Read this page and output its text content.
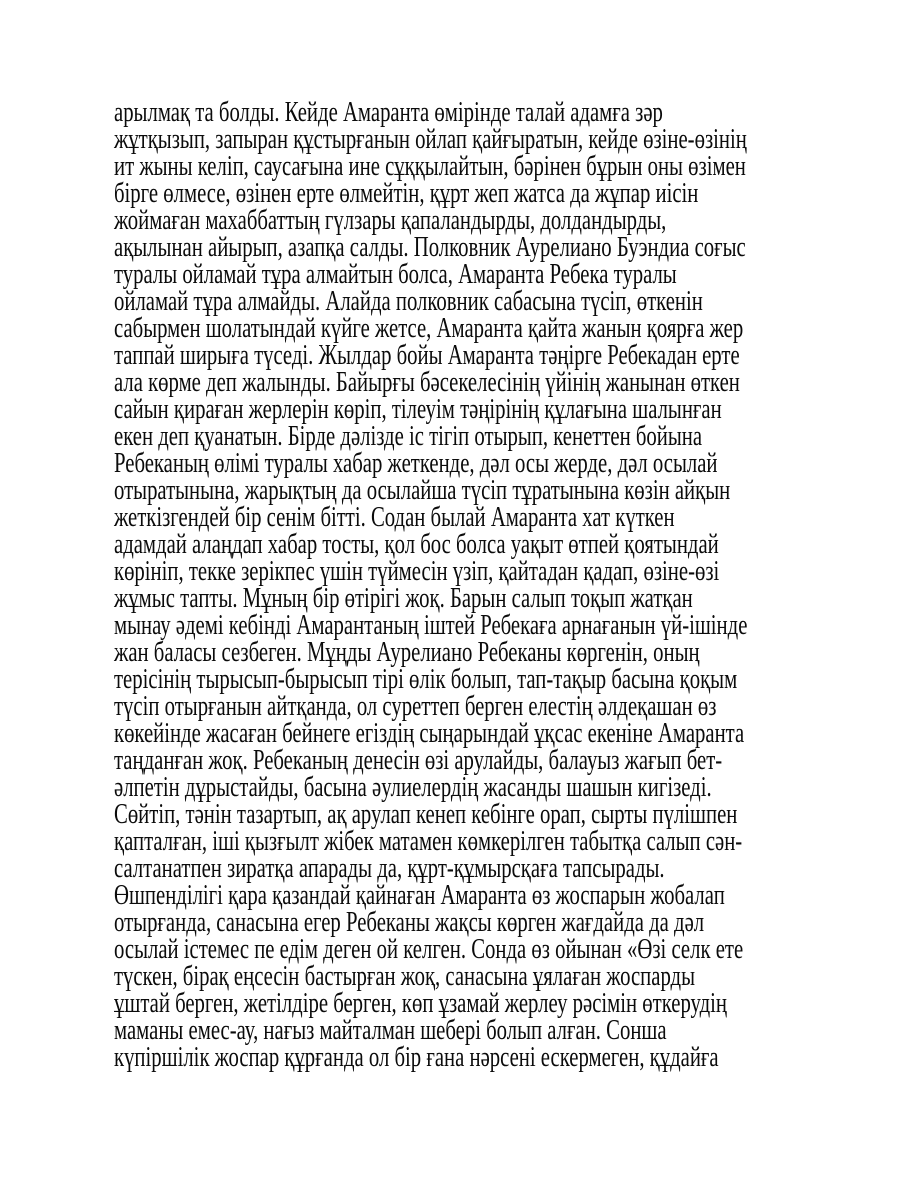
арылмақ та болды. Кейде Амаранта өмірінде талай адамға зәр
жұтқызып, запыран құстырғанын ойлап қайғыратын, кейде өзіне-өзінің
ит жыны келіп, саусағына ине сұққылайтын, бәрінен бұрын оны өзімен
бірге өлмесе, өзінен ерте өлмейтін, құрт жеп жатса да жұпар иісін
жоймаған махаббаттың гүлзары қапаландырды, долдандырды,
ақылынан айырып, азапқа салды. Полковник Аурелиано Буэндиа соғыс
туралы ойламай тұра алмайтын болса, Амаранта Ребека туралы
ойламай тұра алмайды. Алайда полковник сабасына түсіп, өткенін
сабырмен шолатындай күйге жетсе, Амаранта қайта жанын қоярға жер
таппай ширыға түседі. Жылдар бойы Амаранта тәңірге Ребекадан ерте
ала көрме деп жалынды. Байырғы бәсекелесінің үйінің жанынан өткен
сайын қираған жерлерін көріп, тілеуім тәңірінің құлағына шалынған
екен деп қуанатын. Бірде дәлізде іс тігіп отырып, кенеттен бойына
Ребеканың өлімі туралы хабар жеткенде, дәл осы жерде, дәл осылай
отыратынына, жарықтың да осылайша түсіп тұратынына көзін айқын
жеткізгендей бір сенім бітті. Содан былай Амаранта хат күткен
адамдай алаңдап хабар тосты, қол бос болса уақыт өтпей қоятындай
көрініп, текке зерікпес үшін түймесін үзіп, қайтадан қадап, өзіне-өзі
жұмыс тапты. Мұның бір өтірігі жоқ. Барын салып тоқып жатқан
мынау әдемі кебінді Амарантаның іштей Ребекаға арнағанын үй-ішінде
жан баласы сезбеген. Мұңды Аурелиано Ребеканы көргенін, оның
терісінің тырысып-бырысып тірі өлік болып, тап-тақыр басына қоқым
түсіп отырғанын айтқанда, ол суреттеп берген елестің әлдеқашан өз
көкейінде жасаған бейнеге егіздің сыңарындай ұқсас екеніне Амаранта
таңданған жоқ. Ребеканың денесін өзі арулайды, балауыз жағып бет-
әлпетін дұрыстайды, басына әулиелердің жасанды шашын кигізеді.
Сөйтіп, тәнін тазартып, ақ арулап кенеп кебінге орап, сырты пүлішпен
қапталған, іші қызғылт жібек матамен көмкерілген табытқа салып сән-
салтанатпен зиратқа апарады да, құрт-құмырсқаға тапсырады.
Өшпенділігі қара қазандай қайнаған Амаранта өз жоспарын жобалап
отырғанда, санасына егер Ребеканы жақсы көрген жағдайда да дәл
осылай істемес пе едім деген ой келген. Сонда өз ойынан «Өзі селк ете
түскен, бірақ еңсесін бастырған жоқ, санасына ұялаған жоспарды
ұштай берген, жетілдіре берген, көп ұзамай жерлеу рәсімін өткерудің
маманы емес-ау, нағыз майталман шебері болып алған. Сонша
күпіршілік жоспар құрғанда ол бір ғана нәрсені ескермеген, құдайға
